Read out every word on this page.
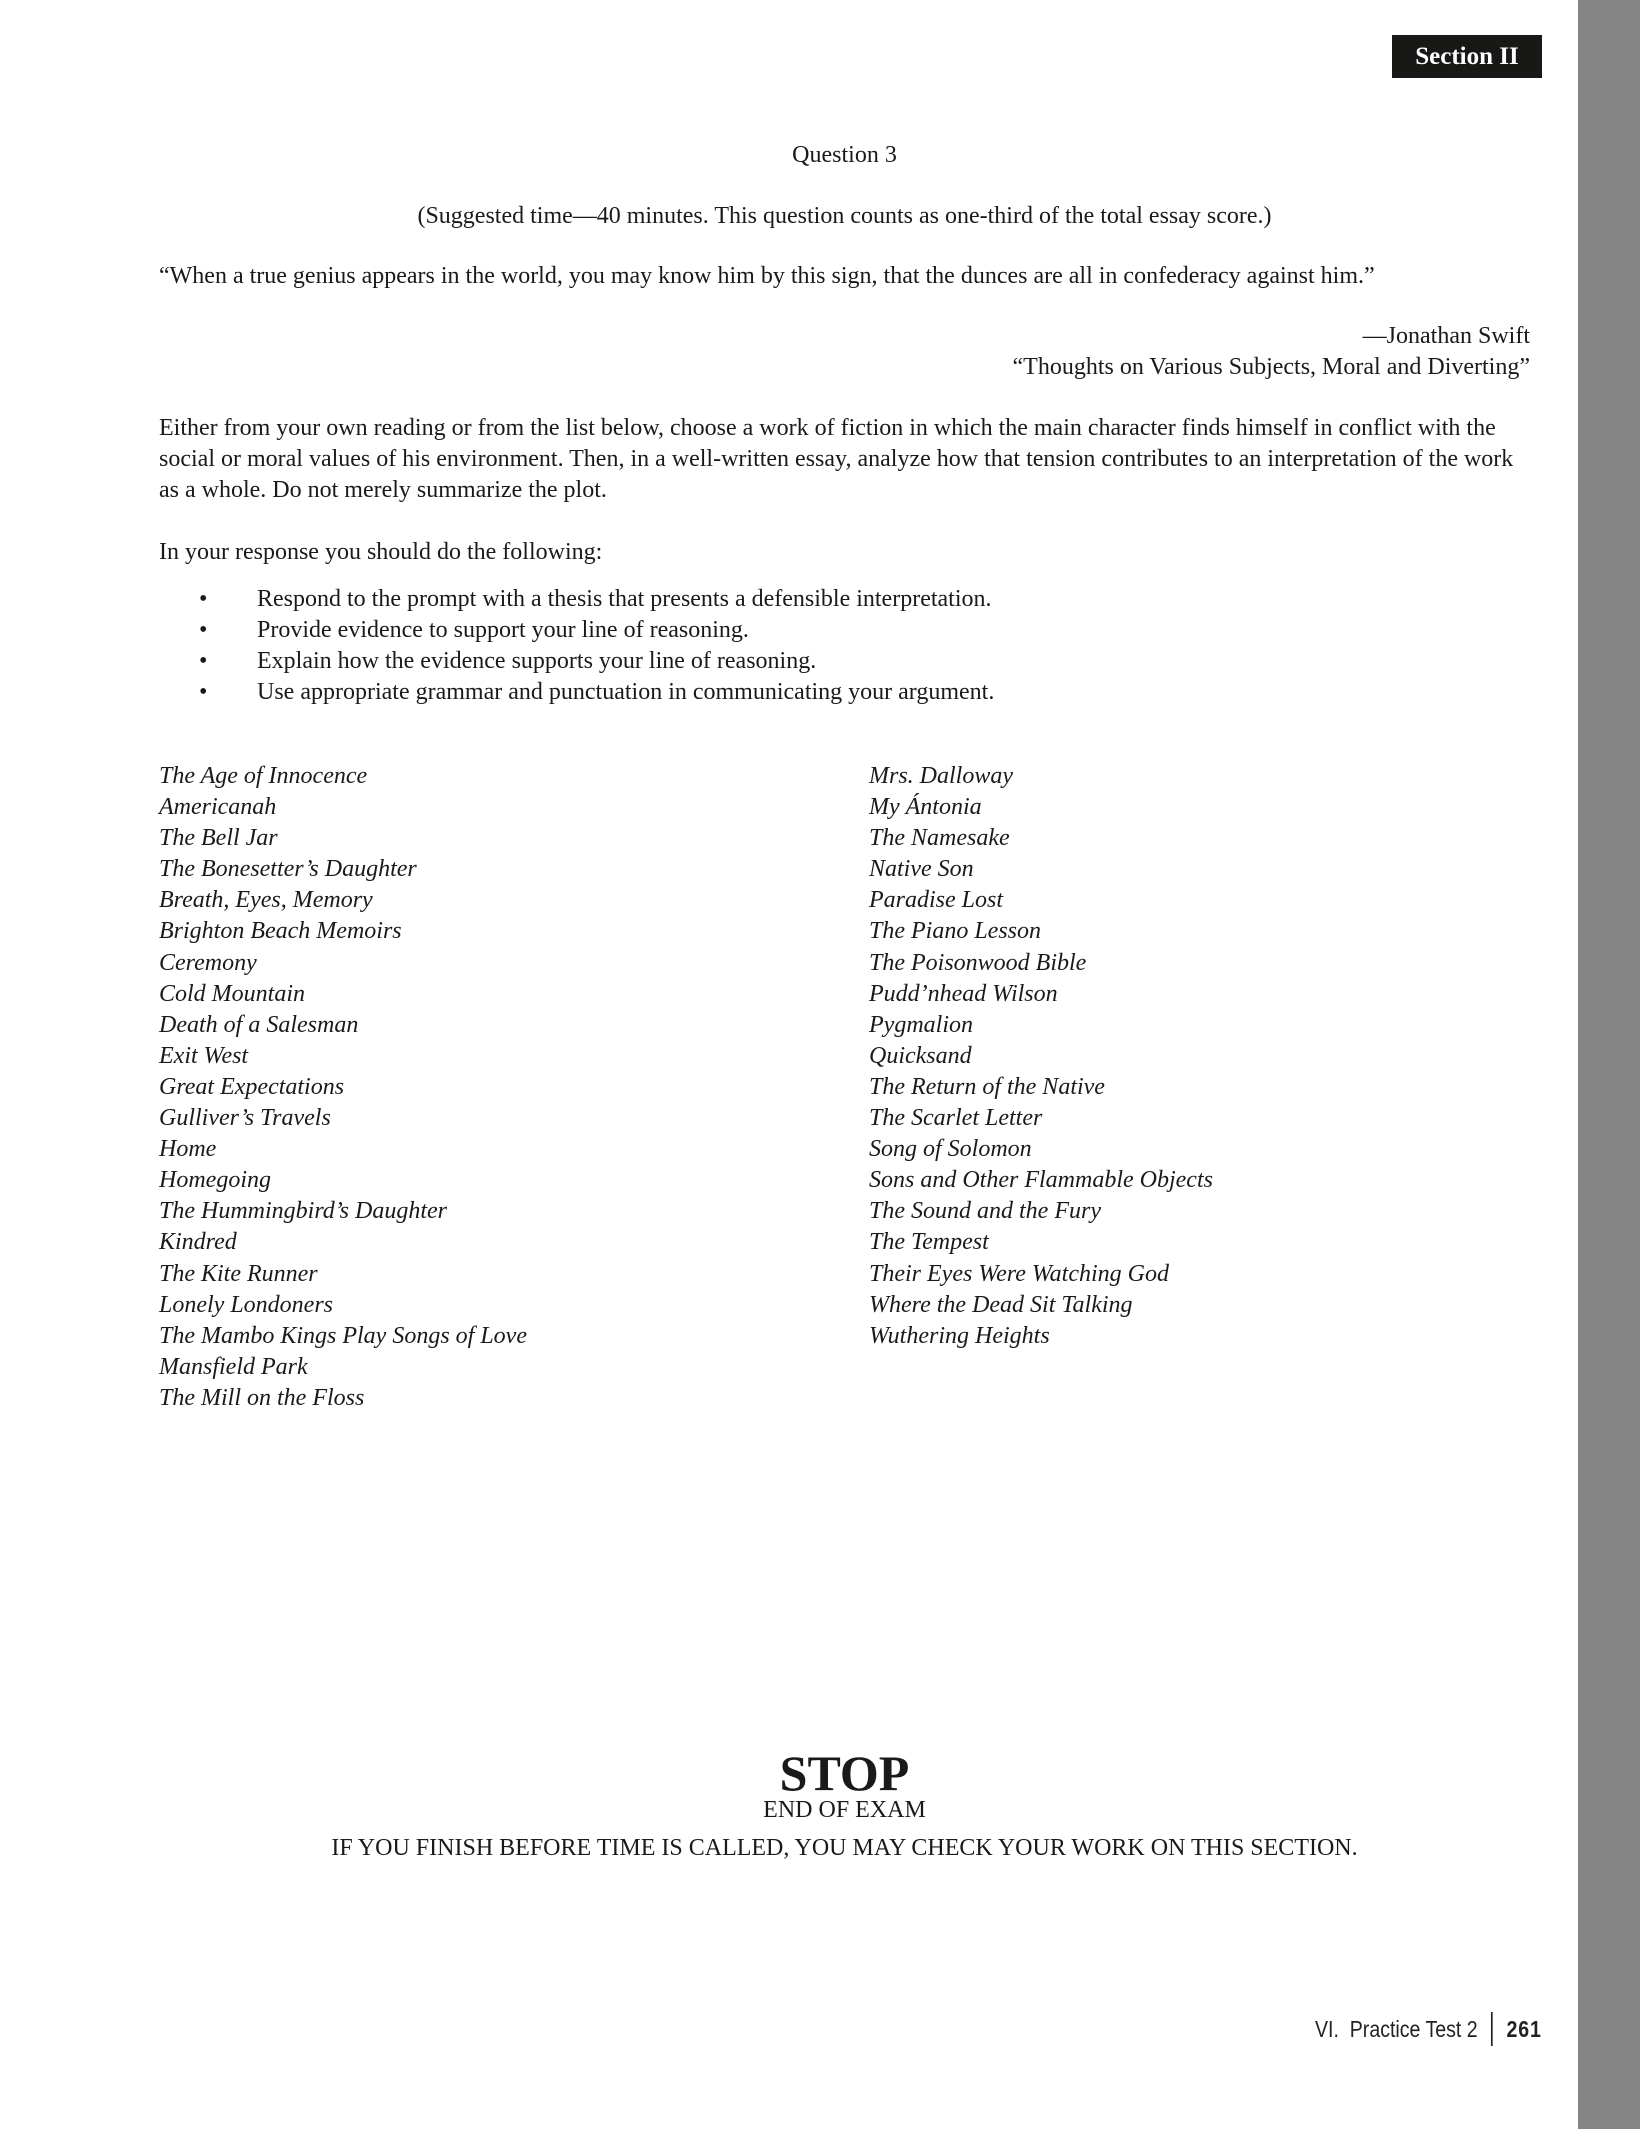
Section II
Question 3
(Suggested time—40 minutes. This question counts as one-third of the total essay score.)
“When a true genius appears in the world, you may know him by this sign, that the dunces are all in confederacy against him.”
—Jonathan Swift
“Thoughts on Various Subjects, Moral and Diverting”
Either from your own reading or from the list below, choose a work of fiction in which the main character finds himself in conflict with the social or moral values of his environment. Then, in a well-written essay, analyze how that tension contributes to an interpretation of the work as a whole. Do not merely summarize the plot.
In your response you should do the following:
• Respond to the prompt with a thesis that presents a defensible interpretation.
• Provide evidence to support your line of reasoning.
• Explain how the evidence supports your line of reasoning.
• Use appropriate grammar and punctuation in communicating your argument.
The Age of Innocence
Americanah
The Bell Jar
The Bonesetter’s Daughter
Breath, Eyes, Memory
Brighton Beach Memoirs
Ceremony
Cold Mountain
Death of a Salesman
Exit West
Great Expectations
Gulliver’s Travels
Home
Homegoing
The Hummingbird’s Daughter
Kindred
The Kite Runner
Lonely Londoners
The Mambo Kings Play Songs of Love
Mansfield Park
The Mill on the Floss
Mrs. Dalloway
My Ántonia
The Namesake
Native Son
Paradise Lost
The Piano Lesson
The Poisonwood Bible
Pudd’nhead Wilson
Pygmalion
Quicksand
The Return of the Native
The Scarlet Letter
Song of Solomon
Sons and Other Flammable Objects
The Sound and the Fury
The Tempest
Their Eyes Were Watching God
Where the Dead Sit Talking
Wuthering Heights
STOP
END OF EXAM
IF YOU FINISH BEFORE TIME IS CALLED, YOU MAY CHECK YOUR WORK ON THIS SECTION.
VI.  Practice Test 2 261
